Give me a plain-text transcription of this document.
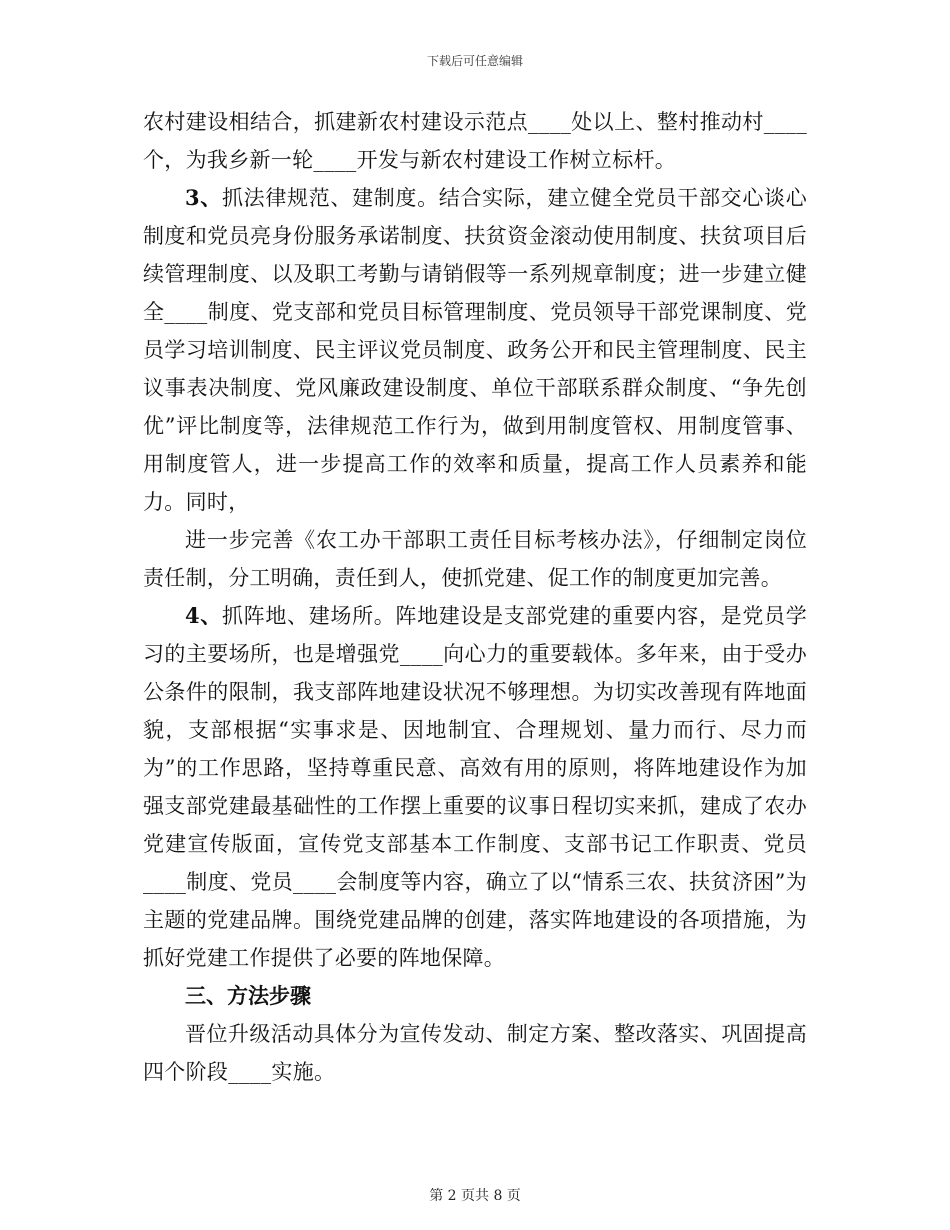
下载后可任意编辑

农村建设相结合，抓建新农村建设示范点____处以上、整村推动村____个，为我乡新一轮____开发与新农村建设工作树立标杆。

3、抓法律规范、建制度。结合实际，建立健全党员干部交心谈心制度和党员亮身份服务承诺制度、扶贫资金滚动使用制度、扶贫项目后续管理制度、以及职工考勤与请销假等一系列规章制度；进一步建立健全____制度、党支部和党员目标管理制度、党员领导干部党课制度、党员学习培训制度、民主评议党员制度、政务公开和民主管理制度、民主议事表决制度、党风廉政建设制度、单位干部联系群众制度、“争先创优”评比制度等，法律规范工作行为，做到用制度管权、用制度管事、用制度管人，进一步提高工作的效率和质量，提高工作人员素养和能力。同时，

进一步完善《农工办干部职工责任目标考核办法》，仔细制定岗位责任制，分工明确，责任到人，使抓党建、促工作的制度更加完善。

4、抓阵地、建场所。阵地建设是支部党建的重要内容，是党员学习的主要场所，也是增强党____向心力的重要载体。多年来，由于受办公条件的限制，我支部阵地建设状况不够理想。为切实改善现有阵地面貌，支部根据“实事求是、因地制宜、合理规划、量力而行、尽力而为”的工作思路，坚持尊重民意、高效有用的原则，将阵地建设作为加强支部党建最基础性的工作摆上重要的议事日程切实来抓，建成了农办党建宣传版面，宣传党支部基本工作制度、支部书记工作职责、党员____制度、党员____会制度等内容，确立了以“情系三农、扶贫济困”为主题的党建品牌。围绕党建品牌的创建，落实阵地建设的各项措施，为抓好党建工作提供了必要的阵地保障。

三、方法步骤

晋位升级活动具体分为宣传发动、制定方案、整改落实、巩固提高四个阶段____实施。

第 2 页共 8 页
